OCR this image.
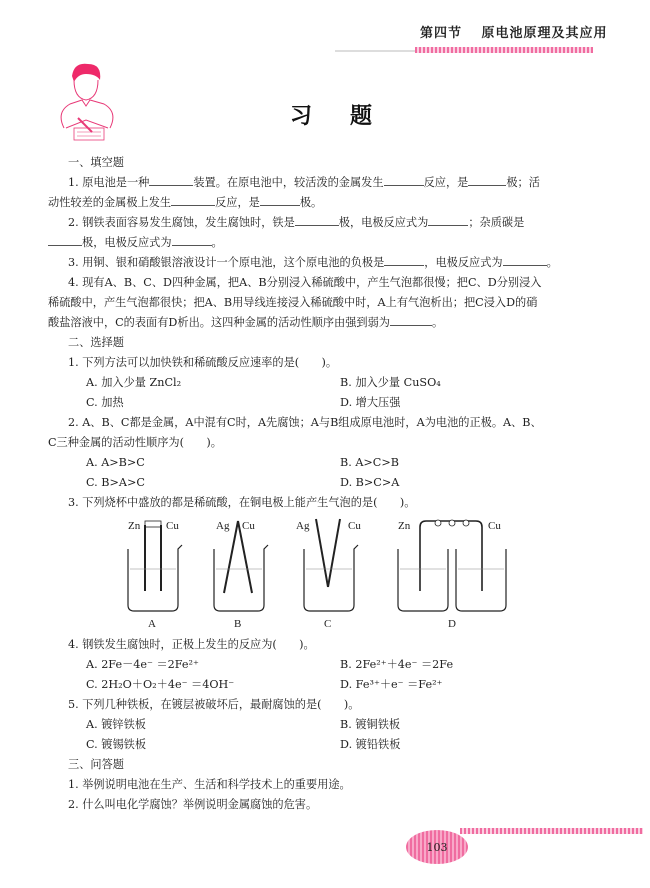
第四节 原电池原理及其应用
习题
一、填空题
1. 原电池是一种	装置。在原电池中，较活泼的金属发生	反应，是	极；活
动性较差的金属极上发生	反应，是	极。
2. 钢铁表面容易发生腐蚀，发生腐蚀时，铁是	极，电极反应式为	；杂质碳是
极，电极反应式为	。
3. 用铜、银和硝酸银溶液设计一个原电池，这个原电池的负极是	，电极反应式为	。
4. 现有A、B、C、D四种金属，把A、B分别浸入稀硫酸中，产生气泡都很慢；把C、D分别浸入
稀硫酸中，产生气泡都很快；把A、B用导线连接浸入稀硫酸中时，A上有气泡析出；把C浸入D的硝
酸盐溶液中，C的表面有D析出。这四种金属的活动性顺序由强到弱为	。
二、选择题
1. 下列方法可以加快铁和稀硫酸反应速率的是(　　)。
A. 加入少量 ZnCl₂	B. 加入少量 CuSO₄
C. 加热	D. 增大压强
2. A、B、C都是金属，A中混有C时，A先腐蚀；A与B组成原电池时，A为电池的正极。A、B、
C三种金属的活动性顺序为(　　)。
A. A>B>C	B. A>C>B
C. B>A>C	D. B>C>A
3. 下列烧杯中盛放的都是稀硫酸，在铜电极上能产生气泡的是(　　)。
Zn Cu
A
Ag Cu
B
Ag	Cu
C
Zn	Cu
D
4. 钢铁发生腐蚀时，正极上发生的反应为(　　)。
A. 2Fe－4e⁻ ＝2Fe²⁺	B. 2Fe²⁺＋4e⁻ ＝2Fe
C. 2H₂O＋O₂＋4e⁻ ＝4OH⁻	D. Fe³⁺＋e⁻ ＝Fe²⁺
5. 下列几种铁板，在镀层被破坏后，最耐腐蚀的是(　　)。
A. 镀锌铁板	B. 镀铜铁板
C. 镀锡铁板	D. 镀铅铁板
三、问答题
1. 举例说明电池在生产、生活和科学技术上的重要用途。
2. 什么叫电化学腐蚀？举例说明金属腐蚀的危害。
103
